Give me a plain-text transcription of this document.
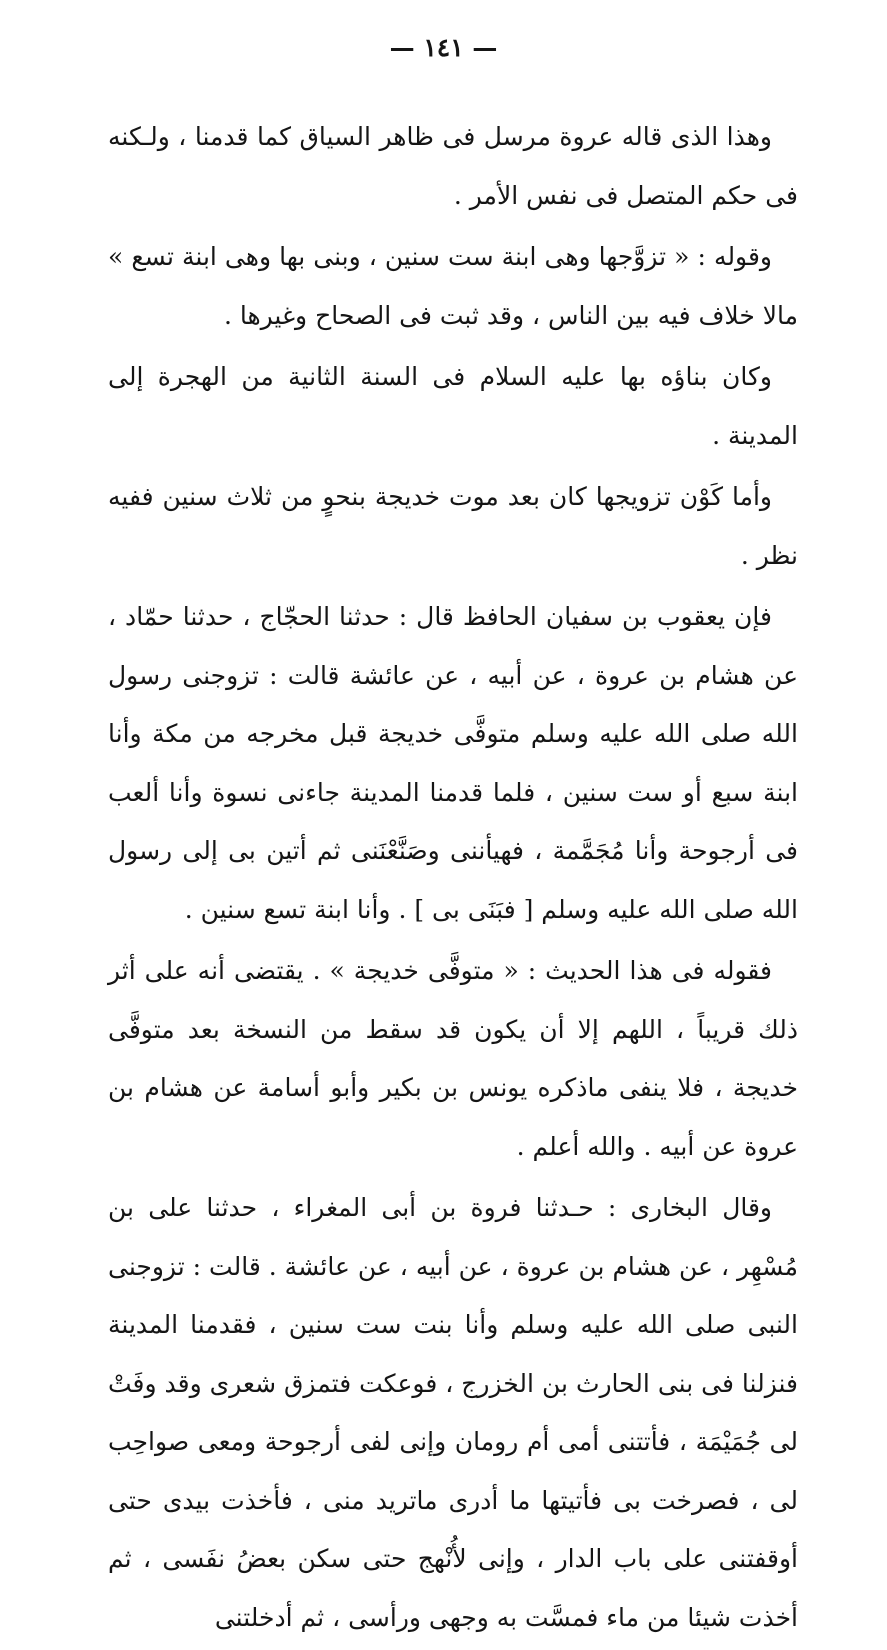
— ١٤١ —

وهذا الذى قاله عروة مرسل فى ظاهر السياق كما قدمنا ، ولـكنه فى حكم المتصل فى نفس الأمر .

وقوله : « تزوَّجها وهى ابنة ست سنين ، وبنى بها وهى ابنة تسع » مالا خلاف فيه بين الناس ، وقد ثبت فى الصحاح وغيرها .

وكان بناؤه بها عليه السلام فى السنة الثانية من الهجرة إلى المدينة .

وأما كَوْن تزويجها كان بعد موت خديجة بنحوٍ من ثلاث سنين ففيه نظر .

فإن يعقوب بن سفيان الحافظ قال : حدثنا الحجّاج ، حدثنا حمّاد ، عن هشام بن عروة ، عن أبيه ، عن عائشة قالت : تزوجنى رسول الله صلى الله عليه وسلم متوفَّى خديجة قبل مخرجه من مكة وأنا ابنة سبع أو ست سنين ، فلما قدمنا المدينة جاءنى نسوة وأنا ألعب فى أرجوحة وأنا مُجَمَّمة ، فهيأننى وصَنَّعْنَنى ثم أتين بى إلى رسول الله صلى الله عليه وسلم [ فبَنَى بى ] . وأنا ابنة تسع سنين .

فقوله فى هذا الحديث : « متوفَّى خديجة » . يقتضى أنه على أثر ذلك قريباً ، اللهم إلا أن يكون قد سقط من النسخة بعد متوفَّى خديجة ، فلا ينفى ماذكره يونس بن بكير وأبو أسامة عن هشام بن عروة عن أبيه . والله أعلم .

وقال البخارى : حـدثنا فروة بن أبى المغراء ، حدثنا على بن مُسْهِر ، عن هشام بن عروة ، عن أبيه ، عن عائشة . قالت : تزوجنى النبى صلى الله عليه وسلم وأنا بنت ست سنين ، فقدمنا المدينة فنزلنا فى بنى الحارث بن الخزرج ، فوعكت فتمزق شعرى وقد وفَتْ لى جُمَيْمَة ، فأتتنى أمى أم رومان وإنى لفى أرجوحة ومعى صواحِب لى ، فصرخت بى فأتيتها ما أدرى ماتريد منى ، فأخذت بيدى حتى أوقفتنى على باب الدار ، وإنى لأُنْهج حتى سكن بعضُ نفَسى ، ثم أخذت شيئا من ماء فمسَّت به وجهى ورأسى ، ثم أدخلتنى
